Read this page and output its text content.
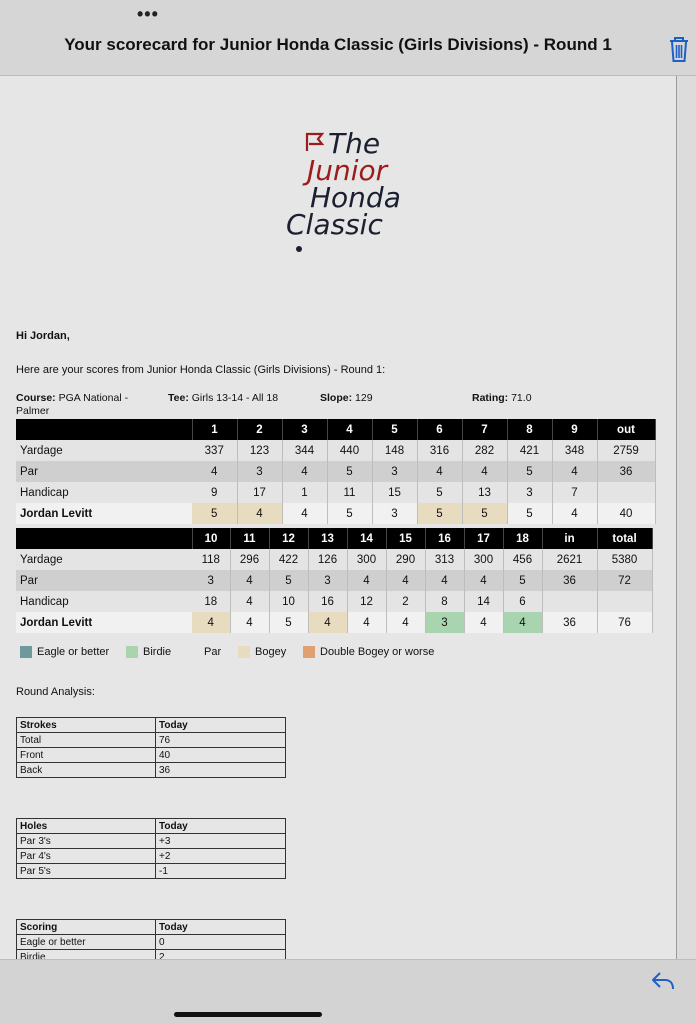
•••
Your scorecard for Junior Honda Classic (Girls Divisions) - Round 1
The
Junior
Honda
Classic
Hi Jordan,
Here are your scores from Junior Honda Classic (Girls Divisions) - Round 1:
Course: PGA National - Palmer
Tee: Girls 13-14 - All 18	Slope: 129	Rating: 71.0
	1	2	3	4	5	6	7	8	9	out
Yardage	337	123	344	440	148	316	282	421	348	2759
Par	4	3	4	5	3	4	4	5	4	36
Handicap	9	17	1	11	15	5	13	3	7	
Jordan Levitt	5	4	4	5	3	5	5	5	4	40
	10	11	12	13	14	15	16	17	18	in	total
Yardage	118	296	422	126	300	290	313	300	456	2621	5380
Par	3	4	5	3	4	4	4	4	5	36	72
Handicap	18	4	10	16	12	2	8	14	6		
Jordan Levitt	4	4	5	4	4	4	3	4	4	36	76
Eagle or better	Birdie	Par	Bogey	Double Bogey or worse
Round Analysis:
Strokes	Today
Total	76
Front	40
Back	36
Holes	Today
Par 3's	+3
Par 4's	+2
Par 5's	-1
Scoring	Today
Eagle or better	0
Birdie	2
